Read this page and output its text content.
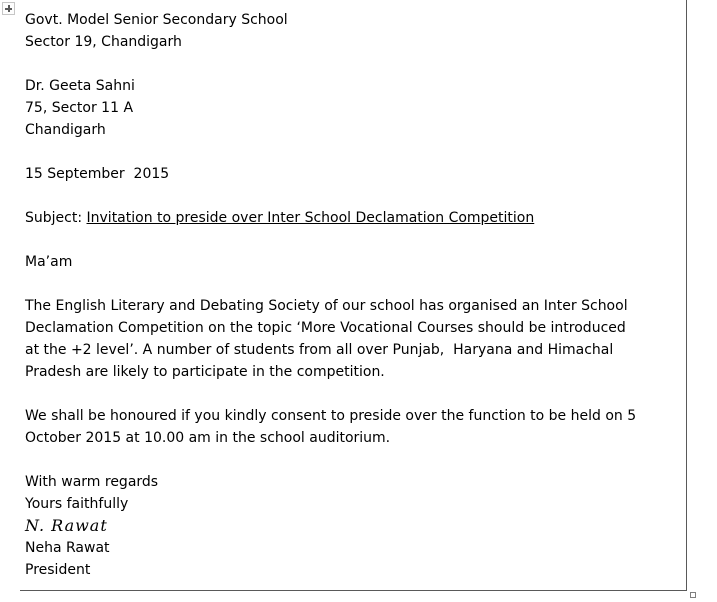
Govt. Model Senior Secondary School
Sector 19, Chandigarh
Dr. Geeta Sahni
75, Sector 11 A
Chandigarh
15 September  2015
Subject: Invitation to preside over Inter School Declamation Competition
Ma’am
The English Literary and Debating Society of our school has organised an Inter School
Declamation Competition on the topic ‘More Vocational Courses should be introduced
at the +2 level’. A number of students from all over Punjab,  Haryana and Himachal
Pradesh are likely to participate in the competition.
We shall be honoured if you kindly consent to preside over the function to be held on 5
October 2015 at 10.00 am in the school auditorium.
With warm regards
Yours faithfully
N. Rawat
Neha Rawat
President
